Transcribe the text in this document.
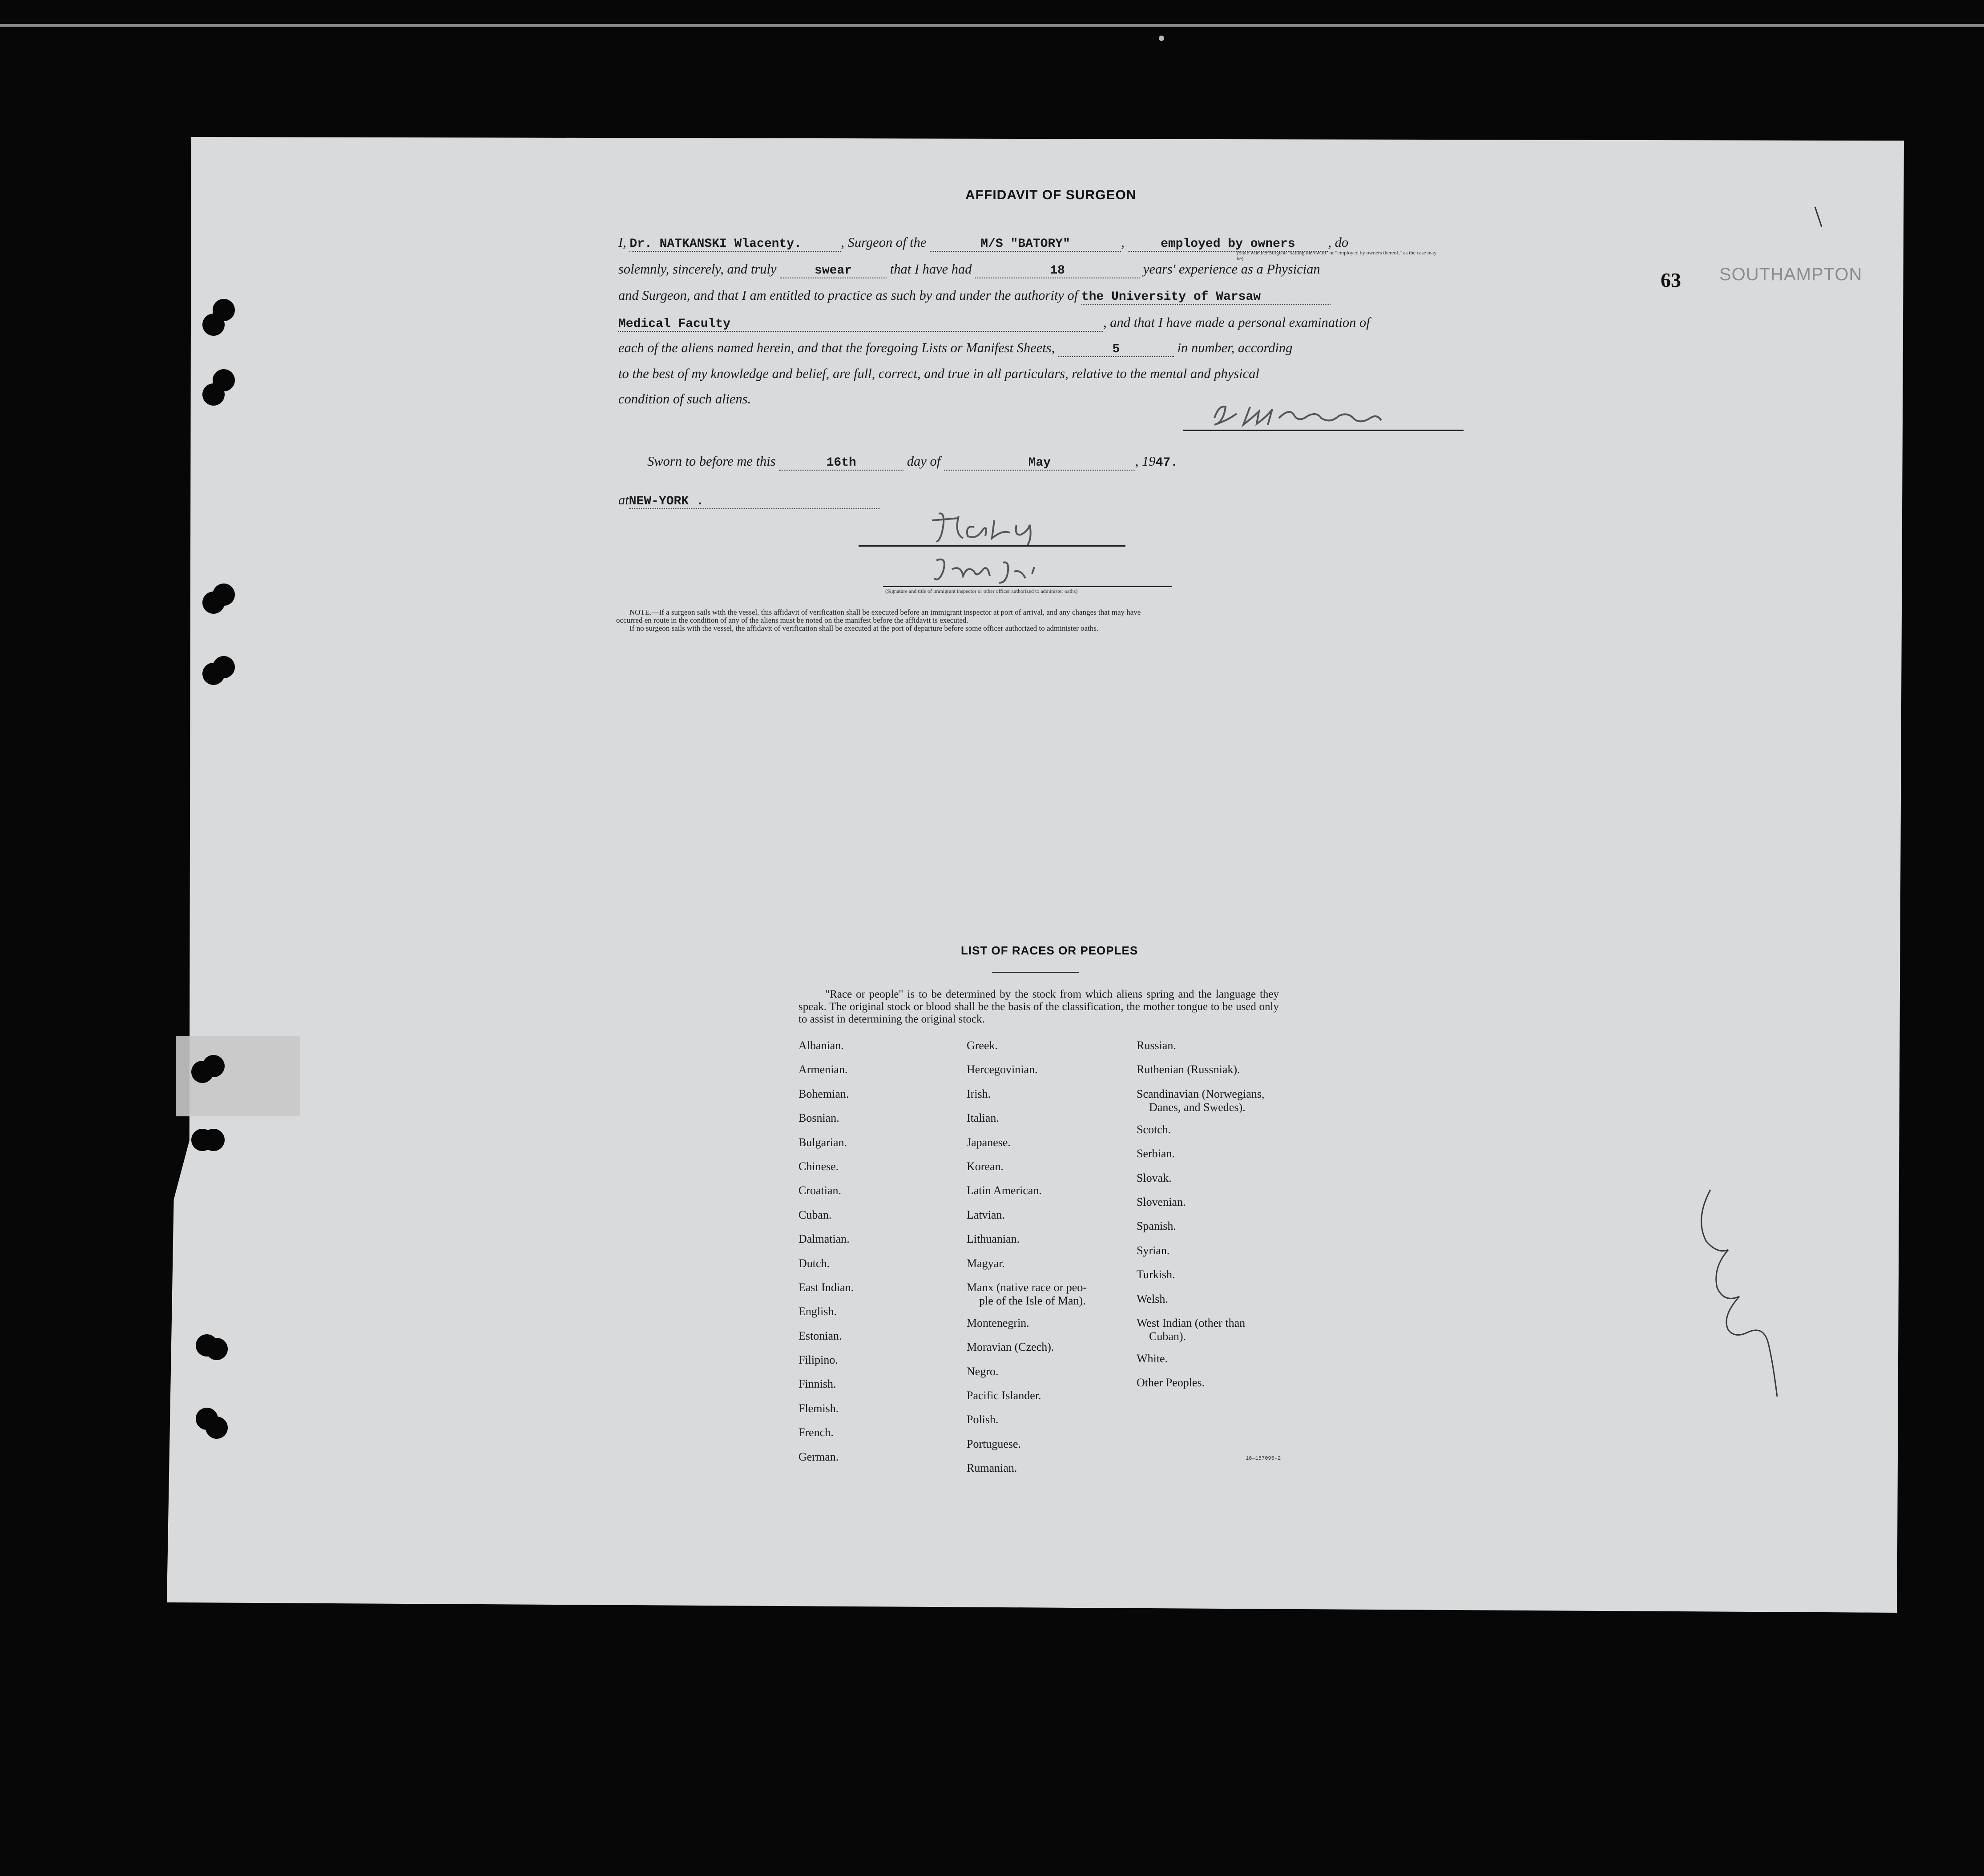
63 SOUTHAMPTON
AFFIDAVIT OF SURGEON
I, Dr. NATKANSKI Wlacenty.	, Surgeon of the	M/S "BATORY"	,	employed by owners , do
(State whether Surgeon "sailing therewith" or "employed by owners thereof," as the case may be)
solemnly, sincerely, and truly	swear	that I have had	18	years' experience as a Physician
and Surgeon, and that I am entitled to practice as such by and under the authority of the University of Warsaw
Medical Faculty	, and that I have made a personal examination of
each of the aliens named herein, and that the foregoing Lists or Manifest Sheets,	5	in number, according
to the best of my knowledge and belief, are full, correct, and true in all particulars, relative to the mental and physical
condition of such aliens.
Sworn to before me this	16th	day of	May	, 1947.
atNEW-YORK .
(Signature and title of immigrant inspector or other officer authorized to administer oaths)
NOTE.—If a surgeon sails with the vessel, this affidavit of verification shall be executed before an immigrant inspector at port of arrival, and any changes that may have
occurred en route in the condition of any of the aliens must be noted on the manifest before the affidavit is executed.
If no surgeon sails with the vessel, the affidavit of verification shall be executed at the port of departure before some officer authorized to administer oaths.
LIST OF RACES OR PEOPLES

"Race or people" is to be determined by the stock from which aliens spring and the language they speak. The original stock or blood shall be the basis of the classification, the mother tongue to be used only to assist in determining the original stock.

Albanian.
Armenian.
Bohemian.
Bosnian.
Bulgarian.
Chinese.
Croatian.
Cuban.
Dalmatian.
Dutch.
East Indian.
English.
Estonian.
Filipino.
Finnish.
Flemish.
French.
German.
Greek.
Hercegovinian.
Irish.
Italian.
Japanese.
Korean.
Latin American.
Latvian.
Lithuanian.
Magyar.
Manx (native race or peo-
ple of the Isle of Man).
Montenegrin.
Moravian (Czech).
Negro.
Pacific Islander.
Polish.
Portuguese.
Rumanian.
Russian.
Ruthenian (Russniak).
Scandinavian (Norwegians,
Danes, and Swedes).
Scotch.
Serbian.
Slovak.
Slovenian.
Spanish.
Syrian.
Turkish.
Welsh.
West Indian (other than
Cuban).
White.
Other Peoples.
16—157095-2
